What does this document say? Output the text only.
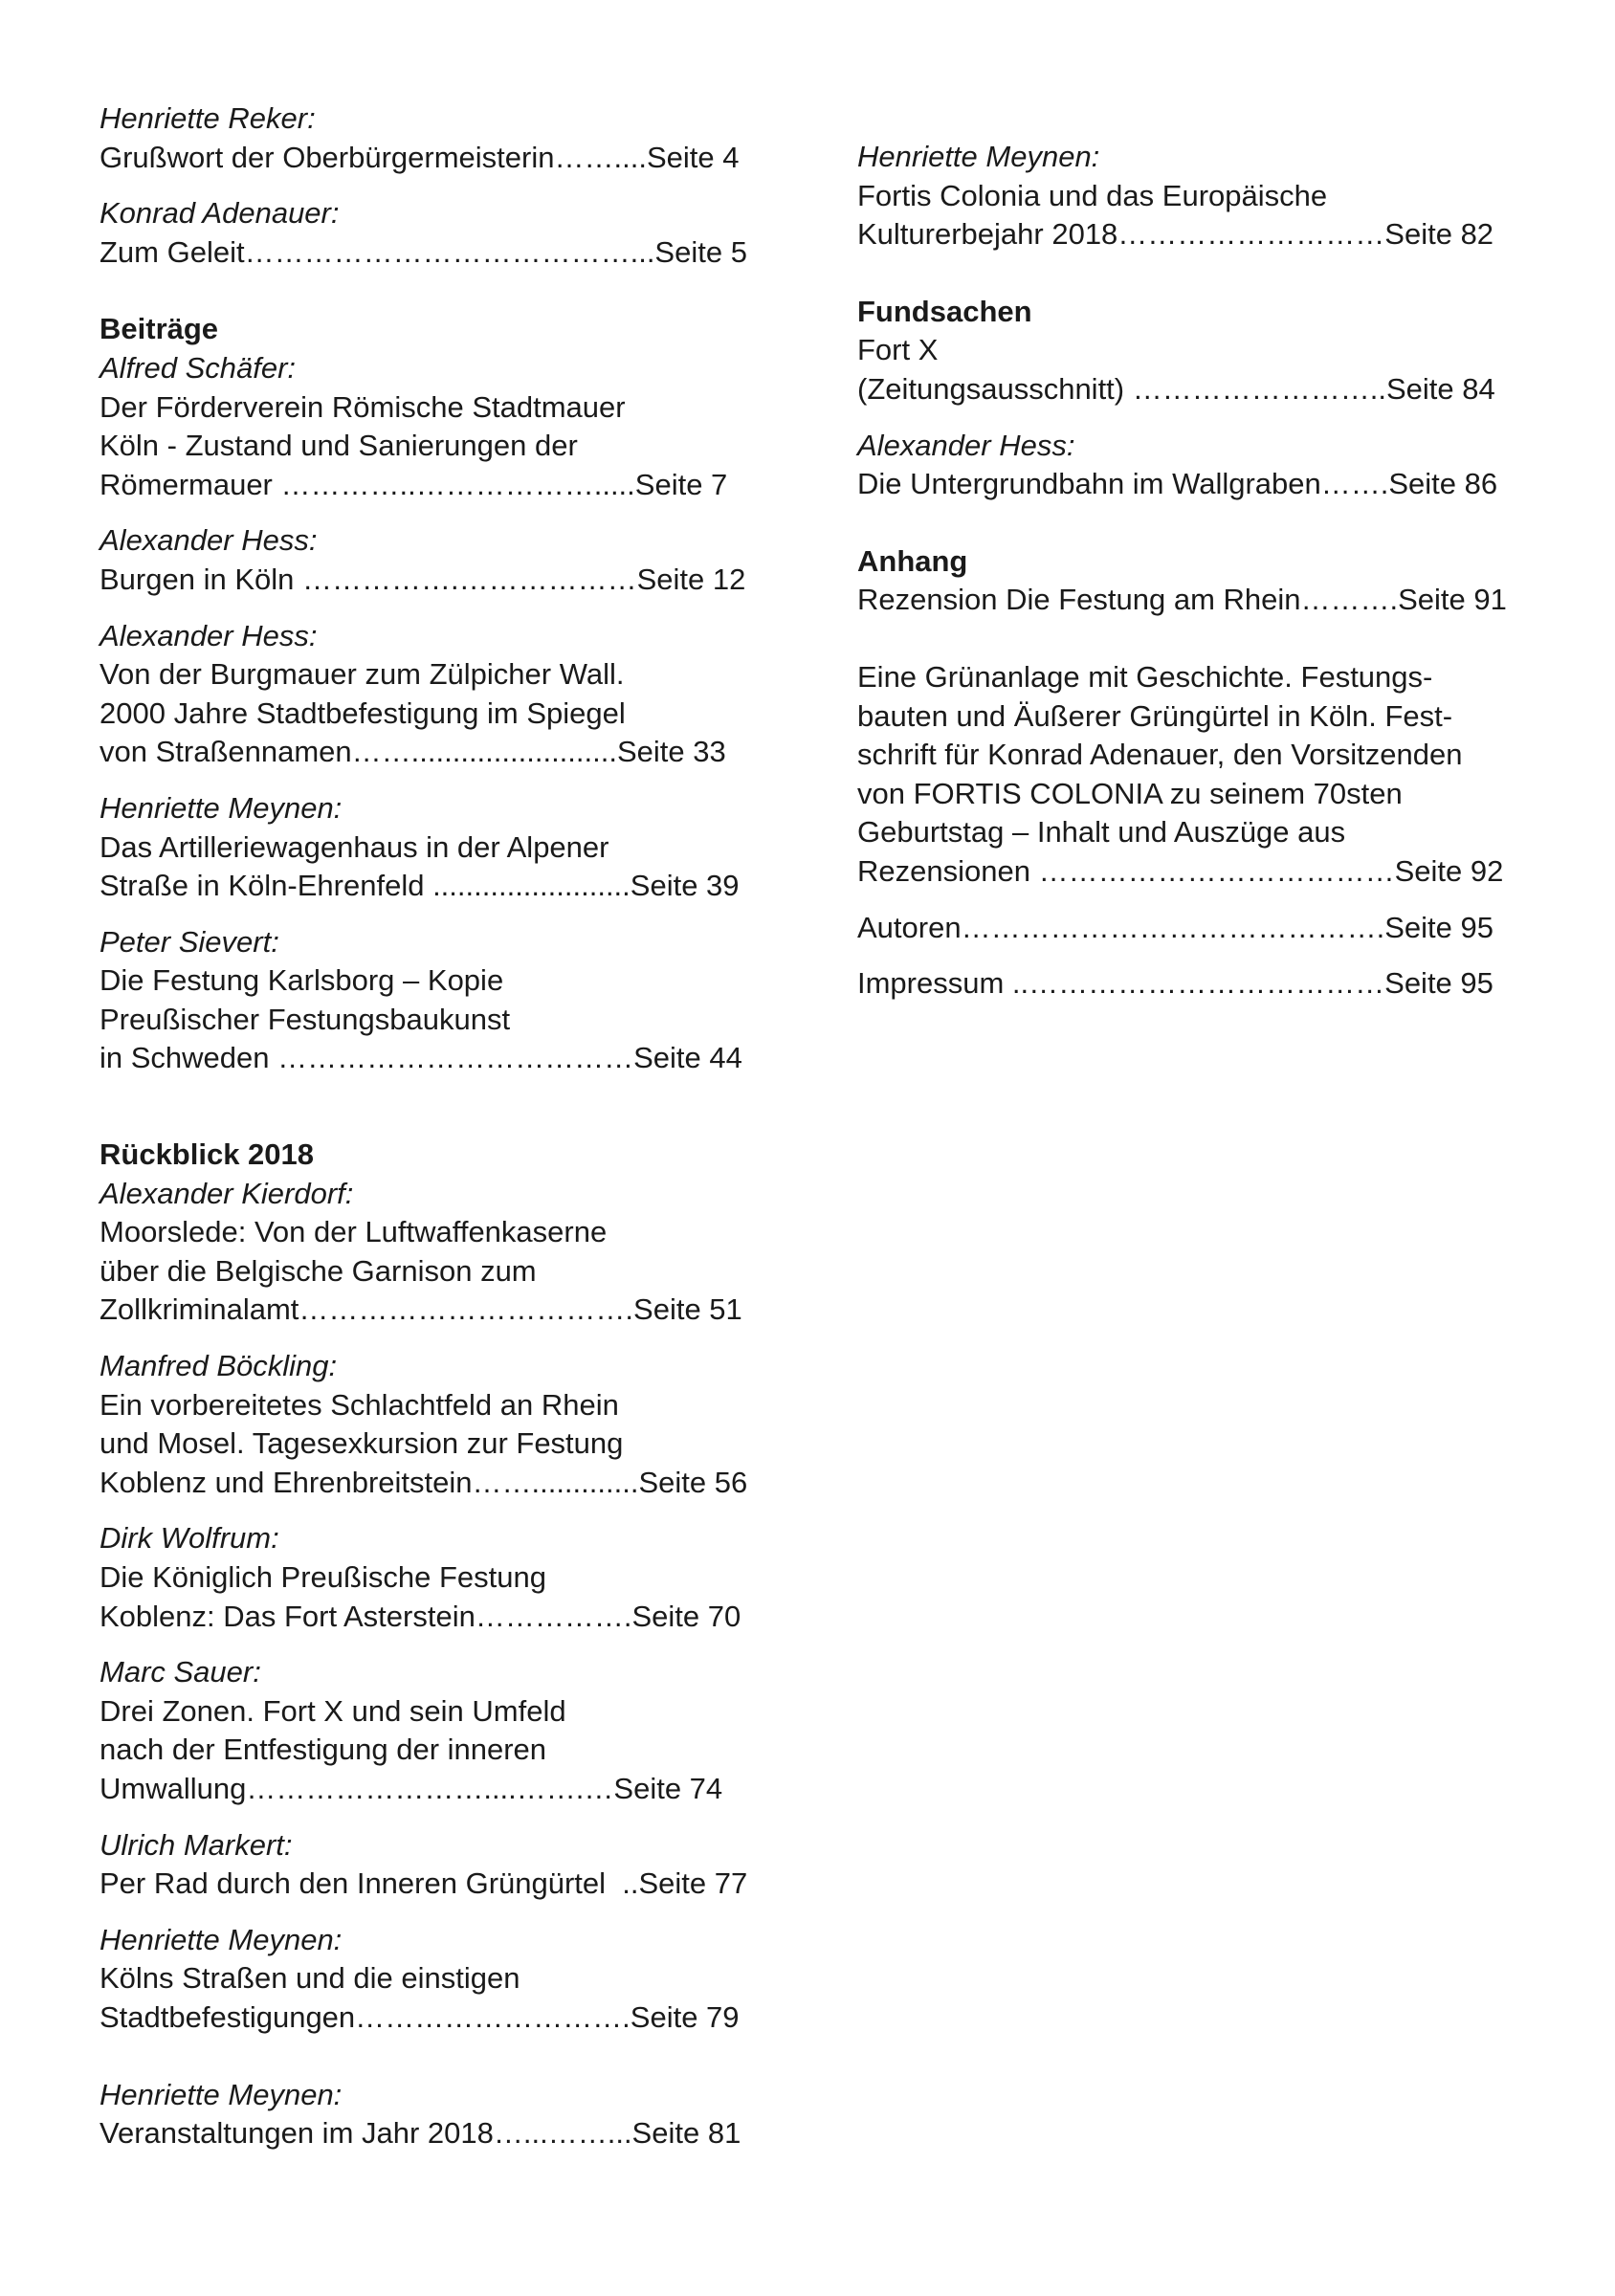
Henriette Reker:
Grußwort der Oberbürgermeisterin……....Seite 4
Konrad Adenauer:
Zum Geleit…………………………………...Seite 5
Beiträge
Alfred Schäfer:
Der Förderverein Römische Stadtmauer
Köln - Zustand und Sanierungen der
Römermauer …………..……………….....Seite 7
Alexander Hess:
Burgen in Köln …………….………………Seite 12
Alexander Hess:
Von der Burgmauer zum Zülpicher Wall.
2000 Jahre Stadtbefestigung im Spiegel
von Straßennamen…….........................Seite 33
Henriette Meynen:
Das Artilleriewagenhaus in der Alpener
Straße in Köln-Ehrenfeld ........................Seite 39
Peter Sievert:
Die Festung Karlsborg – Kopie
Preußischer Festungsbaukunst
in Schweden ………………………………Seite 44
Rückblick 2018
Alexander Kierdorf:
Moorslede: Von der Luftwaffenkaserne
über die Belgische Garnison zum
Zollkriminalamt…………………………….Seite 51
Manfred Böckling:
Ein vorbereitetes Schlachtfeld an Rhein
und Mosel. Tagesexkursion zur Festung
Koblenz und Ehrenbreitstein…….............Seite 56
Dirk Wolfrum:
Die Königlich Preußische Festung
Koblenz: Das Fort Asterstein…………….Seite 70
Marc Sauer:
Drei Zonen. Fort X und sein Umfeld
nach der Entfestigung der inneren
Umwallung……………………....…….…Seite 74
Ulrich Markert:
Per Rad durch den Inneren Grüngürtel  ..Seite 77
Henriette Meynen:
Kölns Straßen und die einstigen
Stadtbefestigungen……………………….Seite 79
Henriette Meynen:
Veranstaltungen im Jahr 2018…...……...Seite 81
Henriette Meynen:
Fortis Colonia und das Europäische
Kulturerbejahr 2018………………………Seite 82
Fundsachen
Fort X
(Zeitungsausschnitt) ……………………..Seite 84
Alexander Hess:
Die Untergrundbahn im Wallgraben…….Seite 86
Anhang
Rezension Die Festung am Rhein……….Seite 91
Eine Grünanlage mit Geschichte. Festungs-
bauten und Äußerer Grüngürtel in Köln. Fest-
schrift für Konrad Adenauer, den Vorsitzenden
von FORTIS COLONIA zu seinem 70sten
Geburtstag – Inhalt und Auszüge aus
Rezensionen ………………………………Seite 92
Autoren…………………………………….Seite 95
Impressum ..………………………………Seite 95
